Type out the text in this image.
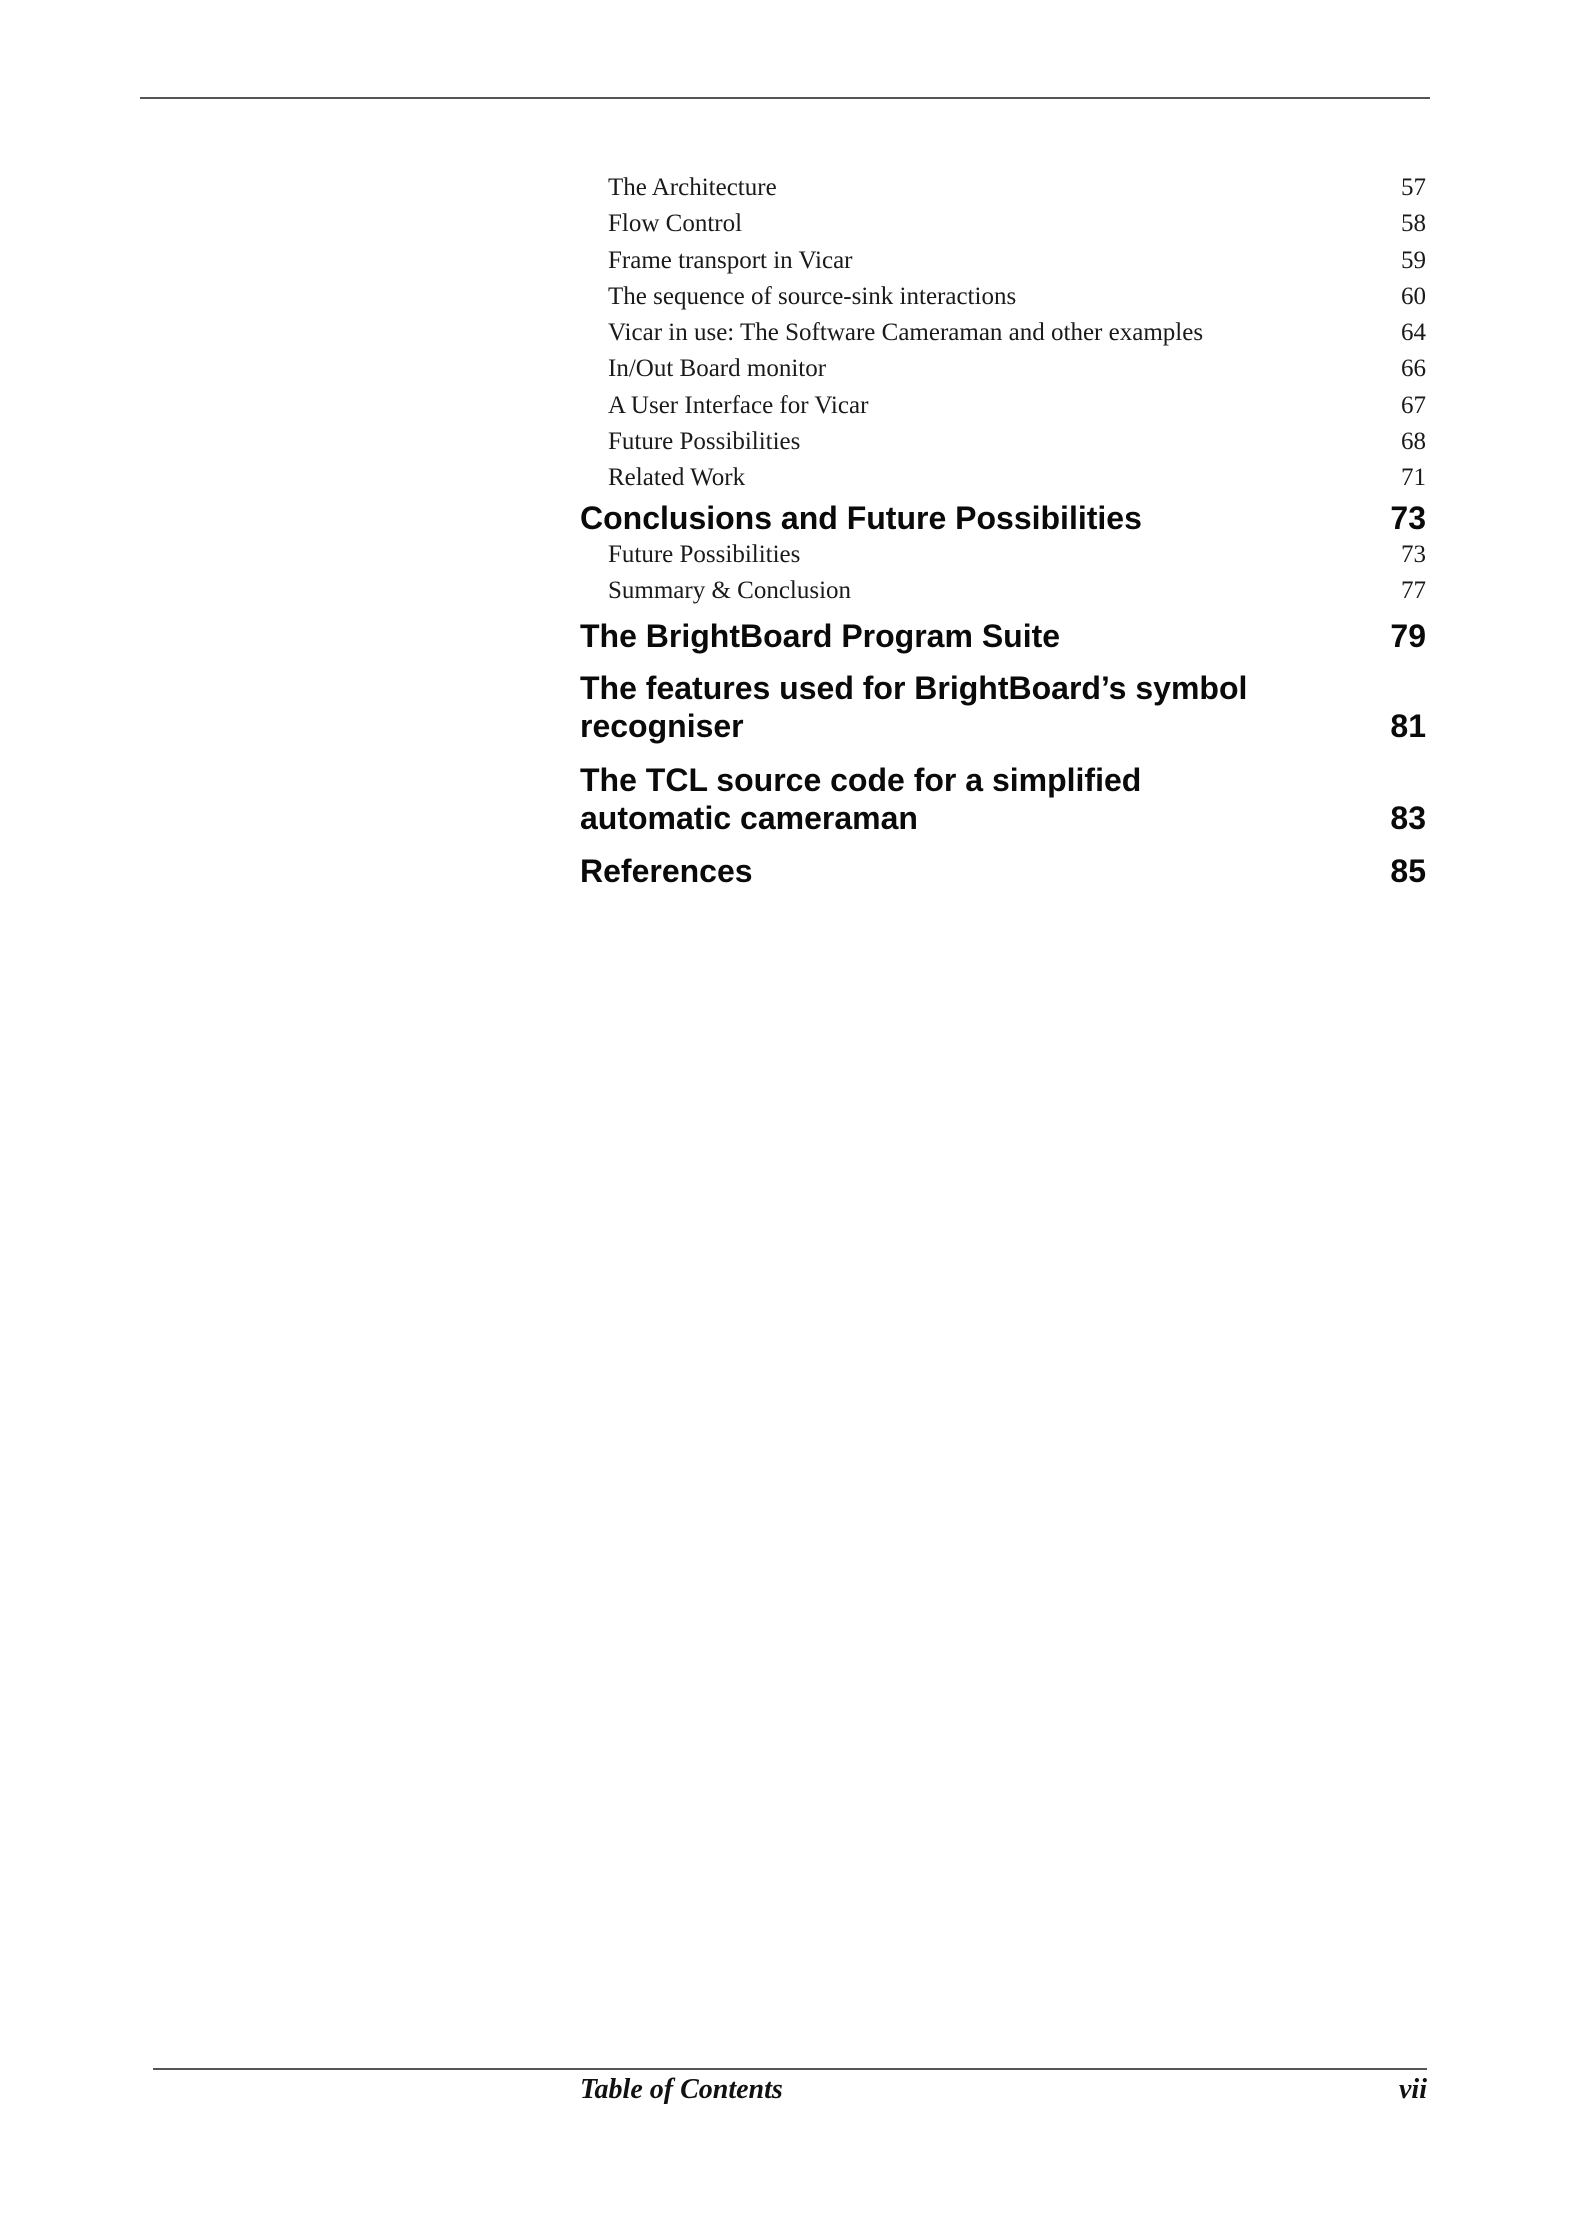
The Architecture	57
Flow Control	58
Frame transport in Vicar	59
The sequence of source-sink interactions	60
Vicar in use: The Software Cameraman and other examples	64
In/Out Board monitor	66
A User Interface for Vicar	67
Future Possibilities	68
Related Work	71
Conclusions and Future Possibilities	73
Future Possibilities	73
Summary & Conclusion	77
The BrightBoard Program Suite	79
The features used for BrightBoard’s symbol recogniser	81
The TCL source code for a simplified automatic cameraman	83
References	85
Table of Contents	vii
